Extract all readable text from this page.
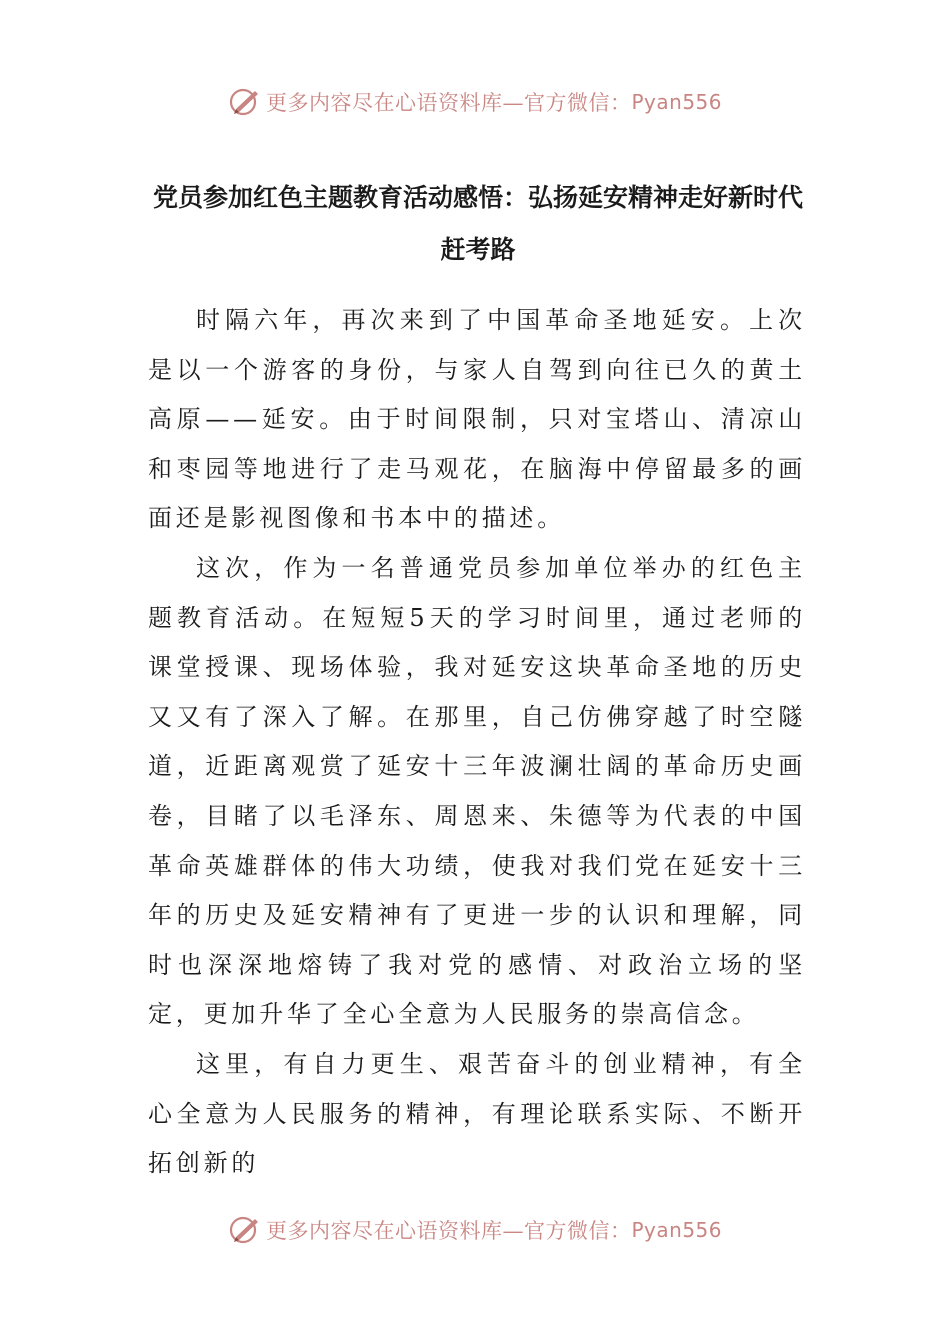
更多内容尽在心语资料库—官方微信： Pyan556
党员参加红色主题教育活动感悟：弘扬延安精神走好新时代赶考路

时隔六年，再次来到了中国革命圣地延安。上次是以一个游客的身份，与家人自驾到向往已久的黄土高原——延安。由于时间限制，只对宝塔山、清凉山和枣园等地进行了走马观花，在脑海中停留最多的画面还是影视图像和书本中的描述。

这次，作为一名普通党员参加单位举办的红色主题教育活动。在短短5天的学习时间里，通过老师的课堂授课、现场体验，我对延安这块革命圣地的历史又又有了深入了解。在那里，自己仿佛穿越了时空隧道，近距离观赏了延安十三年波澜壮阔的革命历史画卷，目睹了以毛泽东、周恩来、朱德等为代表的中国革命英雄群体的伟大功绩，使我对我们党在延安十三年的历史及延安精神有了更进一步的认识和理解，同时也深深地熔铸了我对党的感情、对政治立场的坚定，更加升华了全心全意为人民服务的崇高信念。

这里，有自力更生、艰苦奋斗的创业精神，有全心全意为人民服务的精神，有理论联系实际、不断开拓创新的

更多内容尽在心语资料库—官方微信： Pyan556
